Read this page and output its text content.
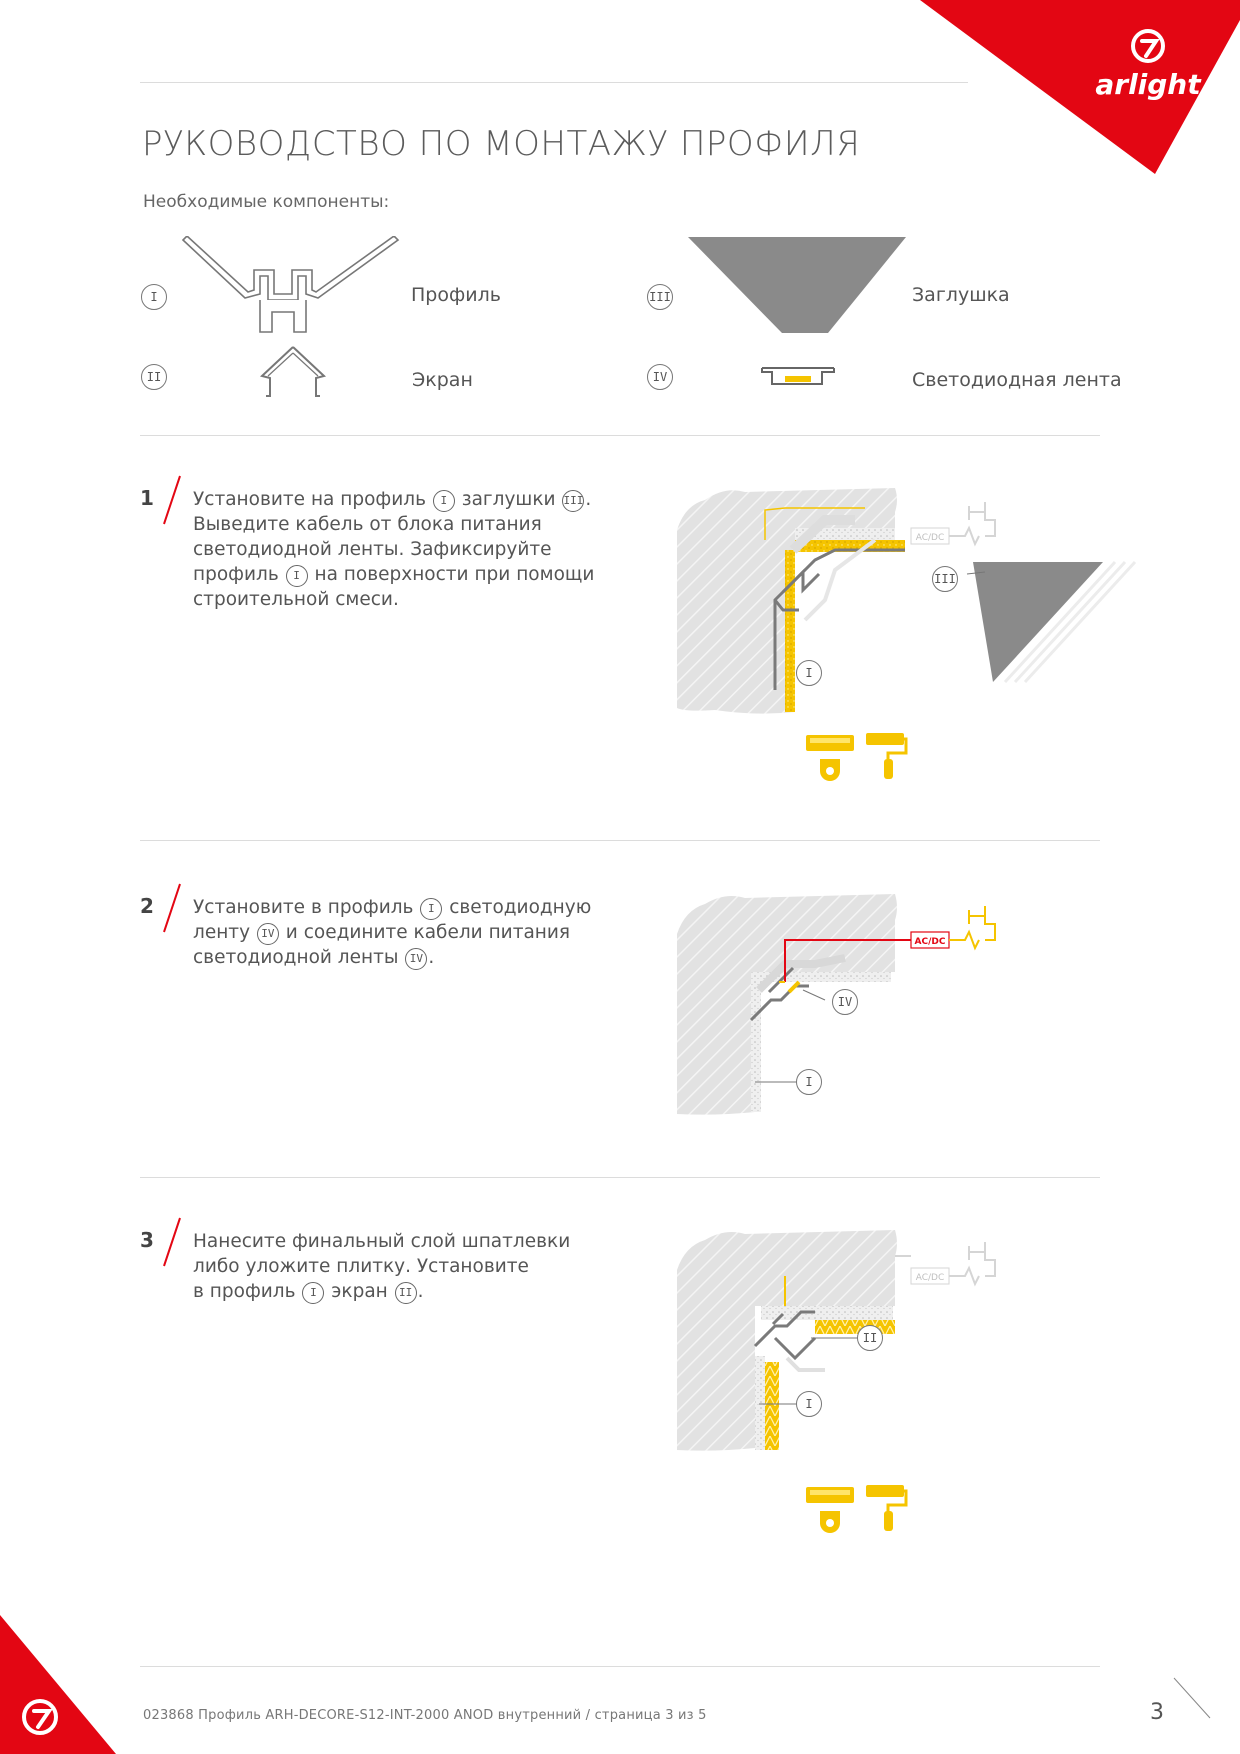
arlight
РУКОВОДСТВО ПО МОНТАЖУ ПРОФИЛЯ
Необходимые компоненты:
I	Профиль
II	Экран
III	Заглушка
IV	Светодиодная лента
1 Установите на профиль I заглушки III .
Выведите кабель от блока питания
светодиодной ленты. Зафиксируйте
профиль I на поверхности при помощи
строительной смеси.
AC/DC
I
III
2 Установите в профиль I светодиодную
ленту IV и соедините кабели питания
светодиодной ленты IV .
AC/DC
IV
I
3 Нанесите финальный слой шпатлевки
либо уложите плитку. Установите
в профиль I экран II .
AC/DC
II
I
023868 Профиль ARH-DECORE-S12-INT-2000 ANOD внутренний / страница 3 из 5	3
